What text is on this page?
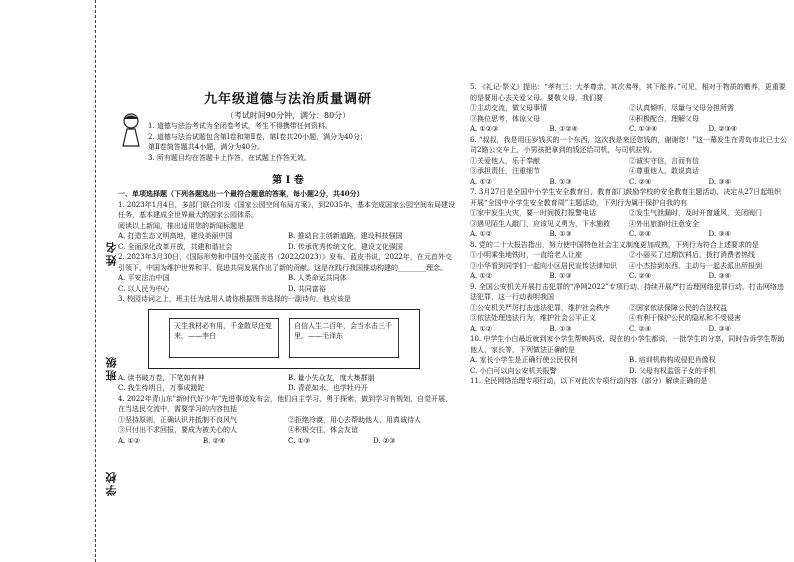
姓名
班级
学校
九年级道德与法治质量调研
（考试时间90分钟，满分：80分）

1. 道德与法治考试为全闭卷考试，考生不得携带任何资料。

2. 道德与法治试题包含第Ⅰ卷和第Ⅱ卷，第Ⅰ卷共20小题，满分为40分；

第Ⅱ卷简答题共4小题，满分为40分。

3. 所有题目均在答题卡上作答，在试题上作答无效。

第 Ⅰ 卷

一、单项选择题（下列各题选出一个最符合题意的答案，每小题2分，共40分）

1. 2023年1月4日，多部门联合印发《国家公园空间布局方案》，到2035年，基本完成国家公园空间布局建设任务，基本建成全世界最大的国家公园体系。

阅读以上新闻，推出适用您的新闻标题是

A. 打造生态文明高地，建设美丽中国	B. 推动自主创新道路，建设科技强国
C. 全面深化改革开放，共建和谐社会	D. 传承优秀传统文化，建设文化强国

2. 2023年3月30日，《国际形势和中国外交蓝皮书（2022/2023）》发布。蓝皮书说，2022年，在元首外交引领下，中国为维护世界和平、促进共同发展作出了新的贡献。这是在践行我国推动构建的________理念。

A. 平安法治中国	B. 人类命运共同体
C. 以人民为中心	D. 共同富裕

3. 校园诗词之上，班主任为选用人请你根据图书选择的一副诗句，他应该是

天生我材必有用，千金散尽还复来。——李白
自信人生二百年，会当水击三千里。——毛泽东
A. 读书破万卷，下笔如有神	B. 量小失众友，度大集群朋
C. 我生待明日，万事成蹉跎	D. 青花如水，也学牡丹开

4. 2022年青山东"新时代好少年"先进事迹发布会，他们自主学习、勇于探索，做到学习有规划，自觉开展，在当选民交流中，需要学习的内容包括

①坚持原则，正确认识并抵制不良风气	②拒绝冷漠，用心去帮助他人，用真诚待人
③只付出不求回报，要成为被关心的人	④积极交往，体会友谊
A. ①②	B. ②④	C. ①③	D. ②③

5. 《礼记·祭义》提出：“孝有三：大孝尊亲，其次弗辱，其下能养。”可见，相对于物质的赡养，更重要的是要用心去关爱父母。要敬父母，我们要

①主动交流，做父母事情	②认真倾听，尽量与父母分担所需
③换位思考，体谅父母	④积极配合，理解父母
A. ①②③	B. ①②④	C. ①③④	D. ②③④

6. “叔叔，我是用压岁钱买的一个东西，这次我是来还您钱的，谢谢您！”这一幕发生在青岛市北已士公司2路公交车上，小男孩把拿到的钱还给司机，与司机拉钩。

①关爱他人，乐于奉献	②诚实守信，言而有信
③承担责任，注重细节	④尊重他人，敢说真话
A. ①②	B. ①③	C. ②④	D. ③④

7. 3月27日是全国中小学生安全教育日，教育部门鼓励学校的安全教育主题活动，决定从27日起组织开展“全国中小学生安全教育周”主题活动，下列行为属于保护自我的有

①家中发生火灾，要一时间拨打报警电话	②发生气泄漏时，及时开窗通风，关闭阀门
③遇见陌生人敲门，应该见义勇为，下水施救	④外出旅游时注意安全
A. ①②	B. ①③	C. ②④	D. ③④

8. 党的二十大报告指出，努力使中国特色社会主义制度更加成熟，下列行为符合上述要求的是

①小明乘坐地铁时，一直给老人让座	②小丽买了过期饮料后，拨打消费者热线
③小华看到同学们一起向小区居民宣传法律知识	④小杰拾到东西，主动与一起去派出所报到
A. ①②	B. ①③	C. ②④	D. ③④

9. 全国公安机关开展打击犯罪的“净网2022”专项行动，持续开展严打治理网络犯罪行动，打击网络违法犯罪，这一行动表明我国

①公安机关严厉打击违法犯罪，维护社会秩序	②国家依法保障公民的合法权益
③依法处理违法行为，维护社会公平正义	④有利于保护公民的隐私和不受侵害
A. ①②	B. ①③	C. ②④	D. ③④

10. 中学生小白最近就到家小学生帮映吗说，现在的小学生都说，一批学生的分享，同时告诉学生帮助他人，家长等，下列做法正确的是

A. 家长小学生是正确行使公民权利	B. 培训机构构成侵犯肖像权
C. 小白可以向公安机关报警	D. 父母有权监管子女的手机

11. 全民网络治理专项行动，以下对此次专项行动内容（部分）解读正确的是
